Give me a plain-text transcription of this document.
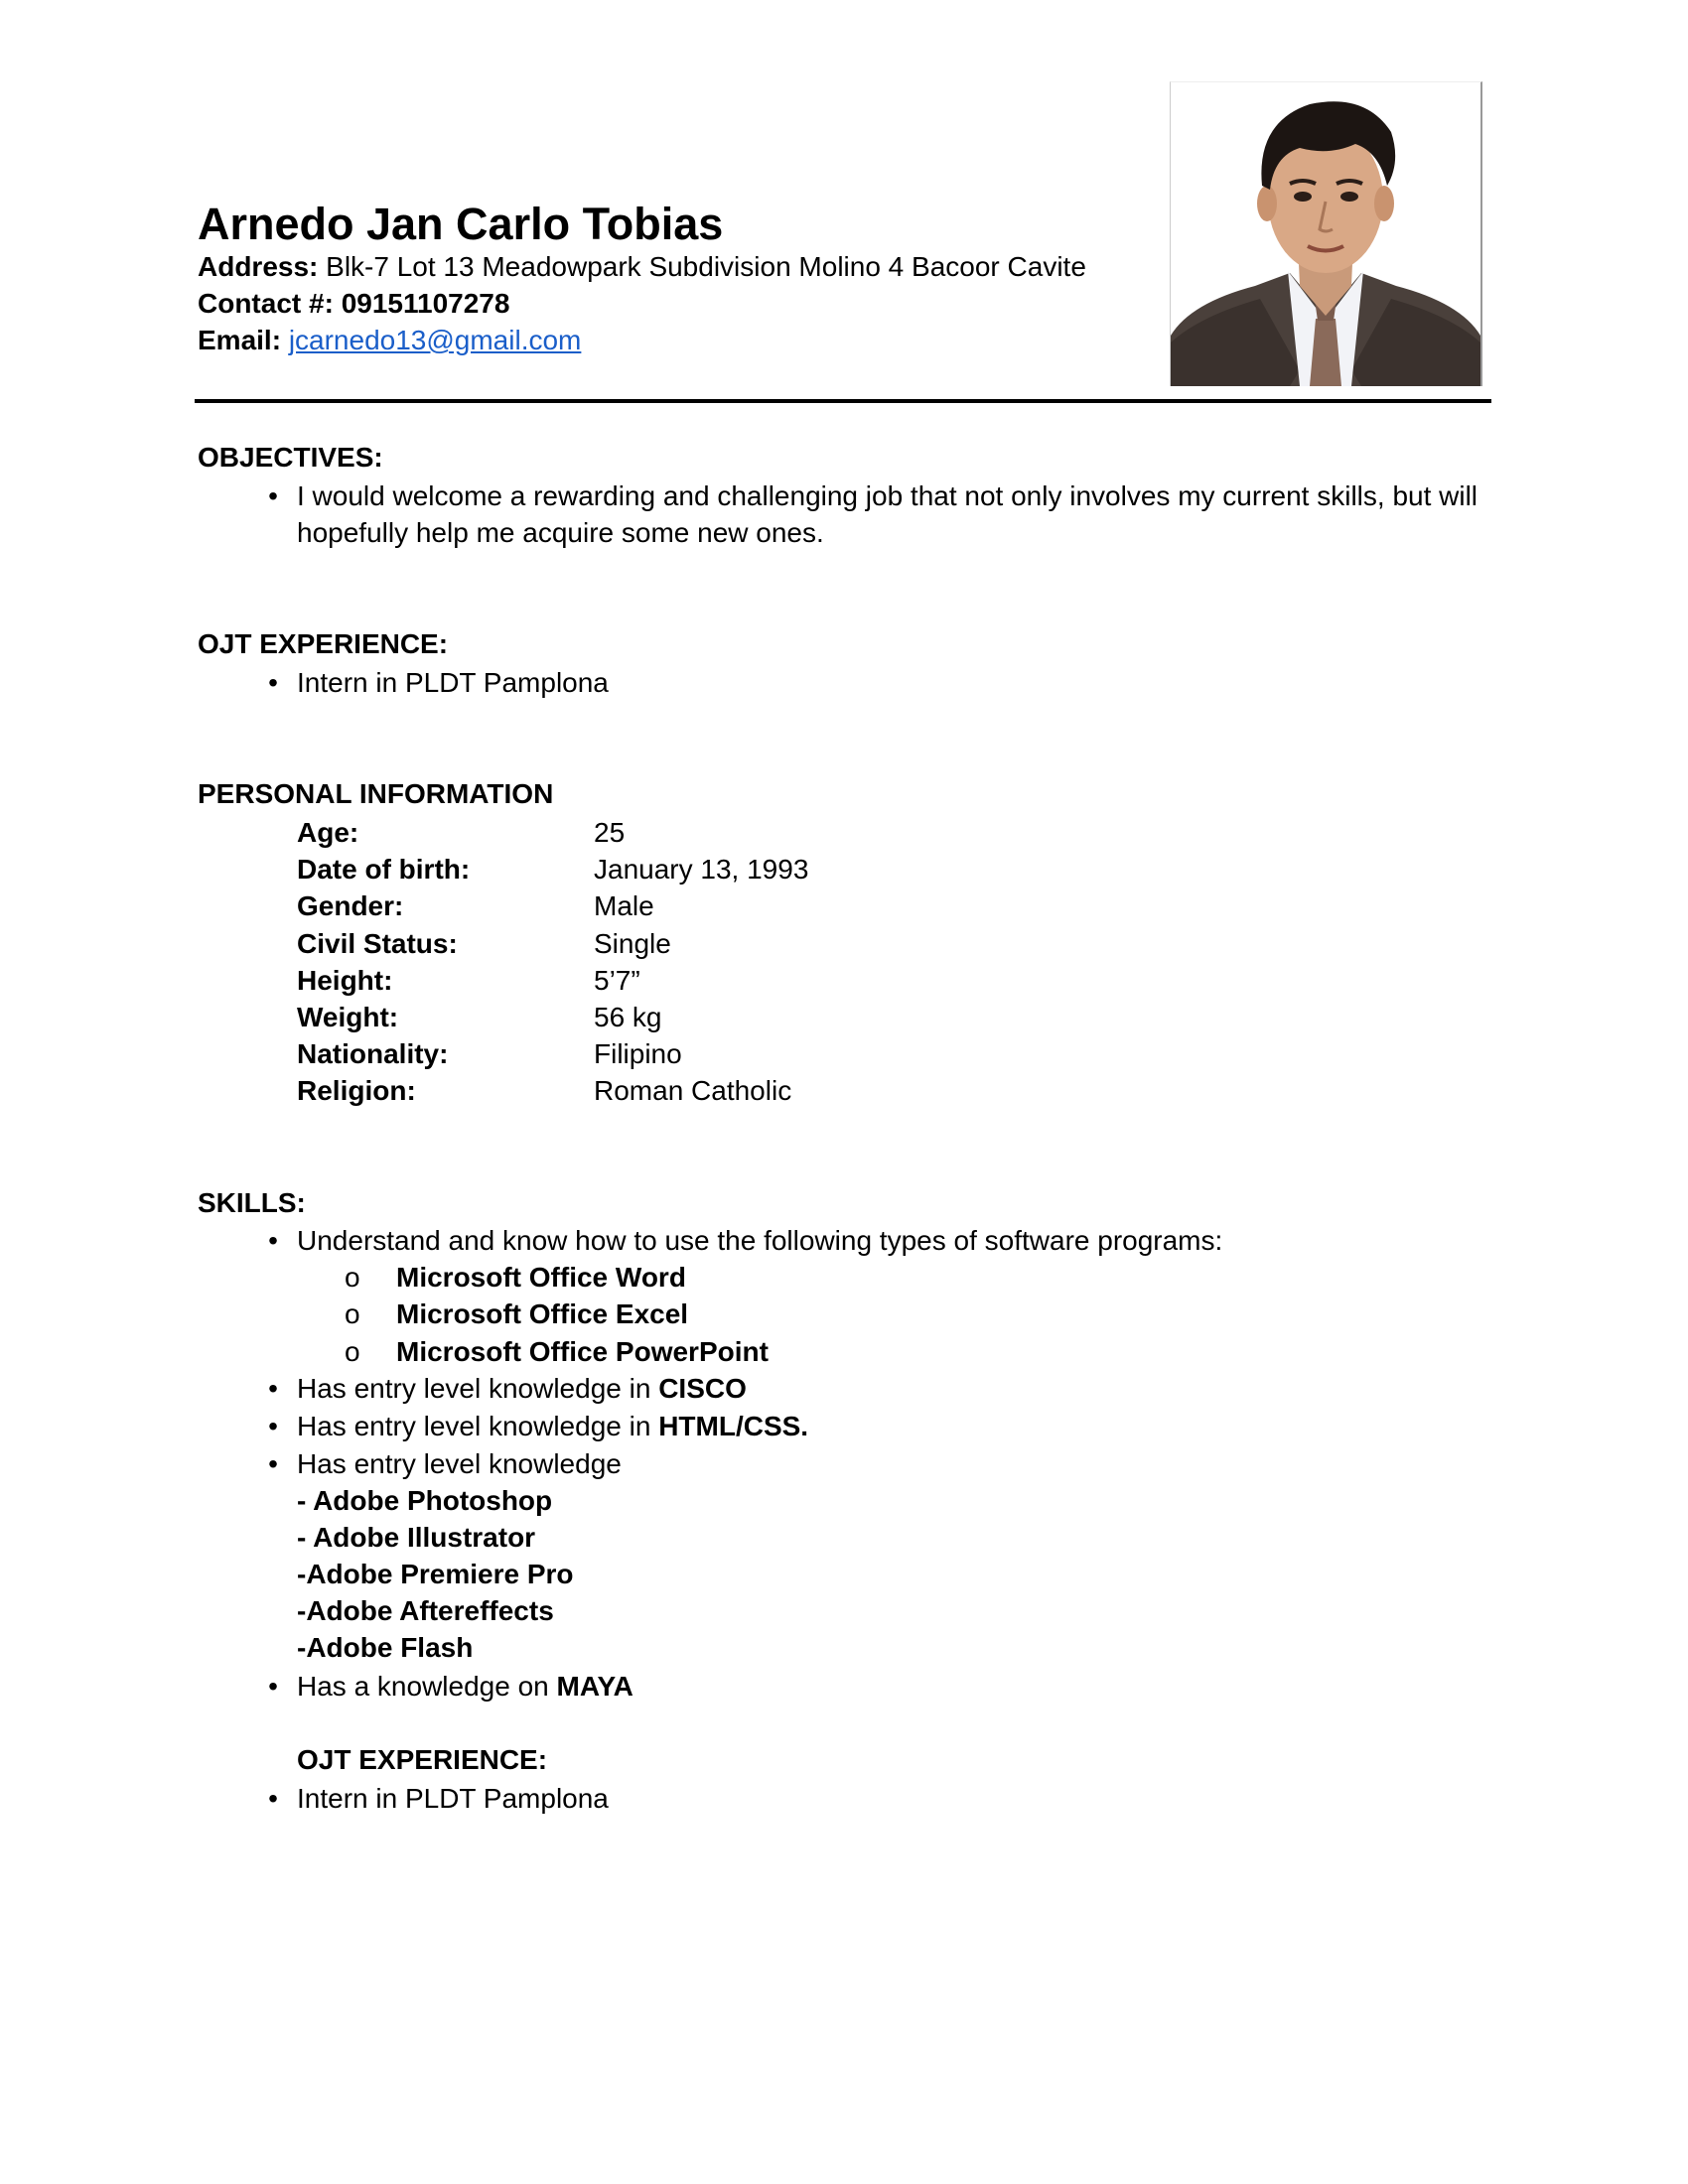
Arnedo Jan Carlo Tobias
Address: Blk-7 Lot 13 Meadowpark Subdivision Molino 4 Bacoor Cavite
Contact #: 09151107278
Email: jcarnedo13@gmail.com
OBJECTIVES:
• I would welcome a rewarding and challenging job that not only involves my current skills, but will
hopefully help me acquire some new ones.
OJT EXPERIENCE:
• Intern in PLDT Pamplona
PERSONAL INFORMATION
Age:	25
Date of birth:	January 13, 1993
Gender:	Male
Civil Status:	Single
Height:	5’7”
Weight:	56 kg
Nationality:	Filipino
Religion:	Roman Catholic
SKILLS:
• Understand and know how to use the following types of software programs:
o	Microsoft Office Word
o	Microsoft Office Excel
o	Microsoft Office PowerPoint
• Has entry level knowledge in CISCO
• Has entry level knowledge in HTML/CSS.
• Has entry level knowledge
- Adobe Photoshop
- Adobe Illustrator
-Adobe Premiere Pro
-Adobe Aftereffects
-Adobe Flash
• Has a knowledge on MAYA
OJT EXPERIENCE:
• Intern in PLDT Pamplona
